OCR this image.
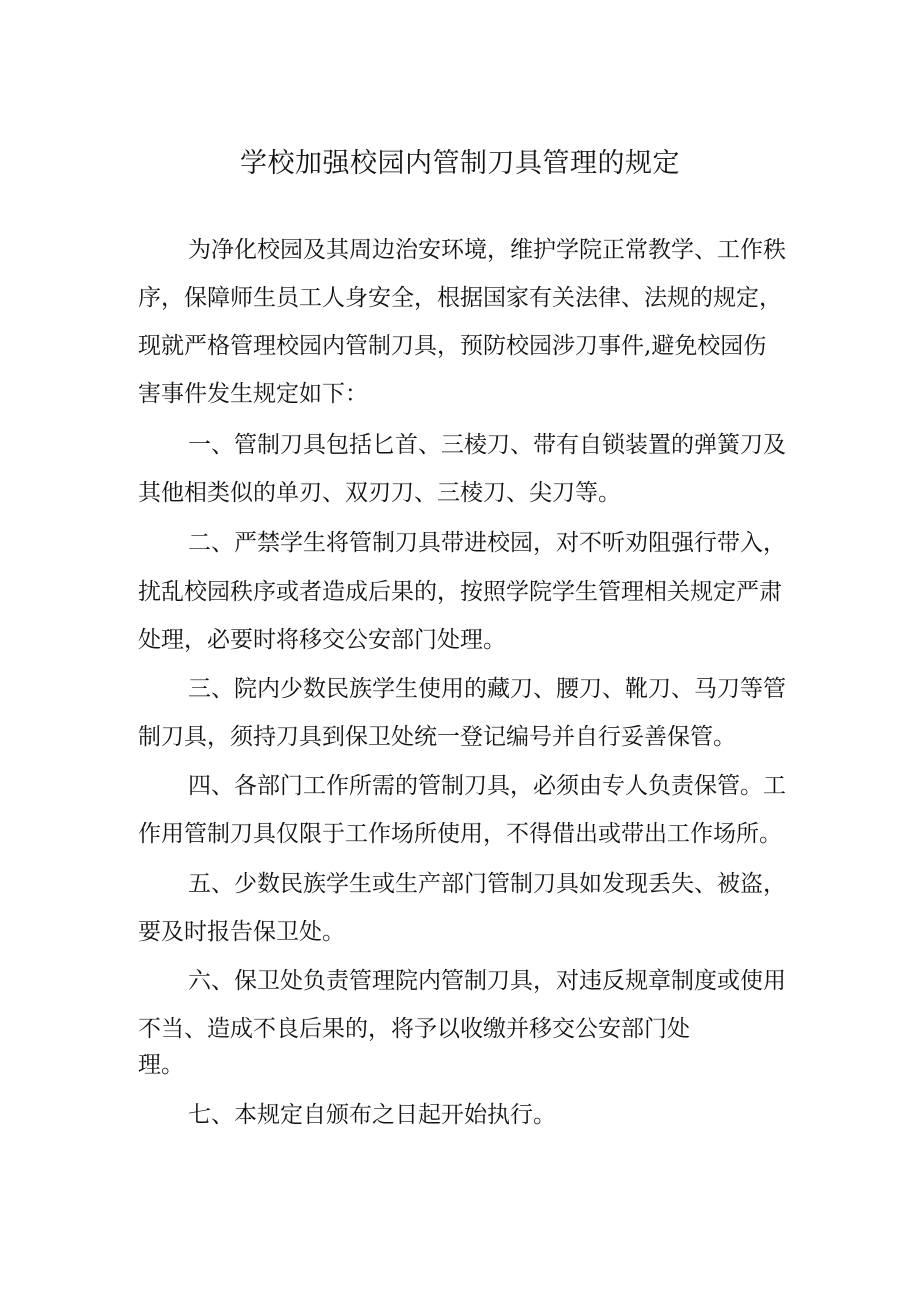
学校加强校园内管制刀具管理的规定
为净化校园及其周边治安环境，维护学院正常教学、工作秩
序，保障师生员工人身安全，根据国家有关法律、法规的规定，
现就严格管理校园内管制刀具，预防校园涉刀事件,避免校园伤
害事件发生规定如下：
一、管制刀具包括匕首、三棱刀、带有自锁装置的弹簧刀及
其他相类似的单刃、双刃刀、三棱刀、尖刀等。
二、严禁学生将管制刀具带进校园，对不听劝阻强行带入，
扰乱校园秩序或者造成后果的，按照学院学生管理相关规定严肃
处理，必要时将移交公安部门处理。
三、院内少数民族学生使用的藏刀、腰刀、靴刀、马刀等管
制刀具，须持刀具到保卫处统一登记编号并自行妥善保管。
四、各部门工作所需的管制刀具，必须由专人负责保管。工
作用管制刀具仅限于工作场所使用，不得借出或带出工作场所。
五、少数民族学生或生产部门管制刀具如发现丢失、被盗，
要及时报告保卫处。
六、保卫处负责管理院内管制刀具，对违反规章制度或使用
不当、造成不良后果的，将予以收缴并移交公安部门处
理。
七、本规定自颁布之日起开始执行。
